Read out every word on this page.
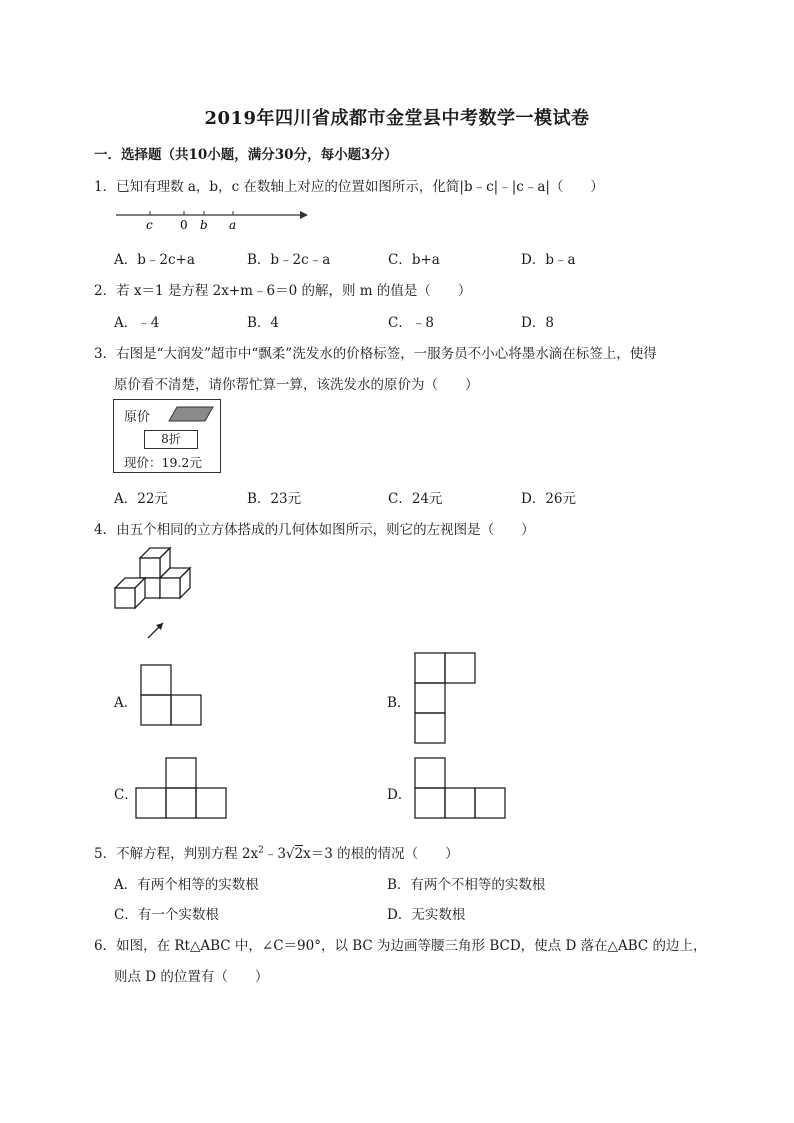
2019年四川省成都市金堂县中考数学一模试卷
一．选择题（共10小题，满分30分，每小题3分）
1．已知有理数 a，b，c 在数轴上对应的位置如图所示，化简|b﹣c|﹣|c﹣a|（　　）
c 0 b a
A．b﹣2c+a	B．b﹣2c﹣a	C．b+a	D．b﹣a
2．若 x＝1 是方程 2x+m﹣6＝0 的解，则 m 的值是（　　）
A．﹣4	B．4	C．﹣8	D．8
3．右图是“大润发”超市中“飘柔”洗发水的价格标签，一服务员不小心将墨水滴在标签上，使得
原价看不清楚，请你帮忙算一算，该洗发水的原价为（　　）
原价
8折
现价：19.2元
A．22元	B．23元	C．24元	D．26元
4．由五个相同的立方体搭成的几何体如图所示，则它的左视图是（　　）
A．	B．
C．	D．
5．不解方程，判别方程 $2x^2﹣3√2x=3$ 的根的情况（　　）
A．有两个相等的实数根	B．有两个不相等的实数根
C．有一个实数根	D．无实数根
6．如图，在 Rt△ABC 中，∠C＝90°，以 BC 为边画等腰三角形 BCD，使点 D 落在△ABC 的边上，
则点 D 的位置有（　　）
